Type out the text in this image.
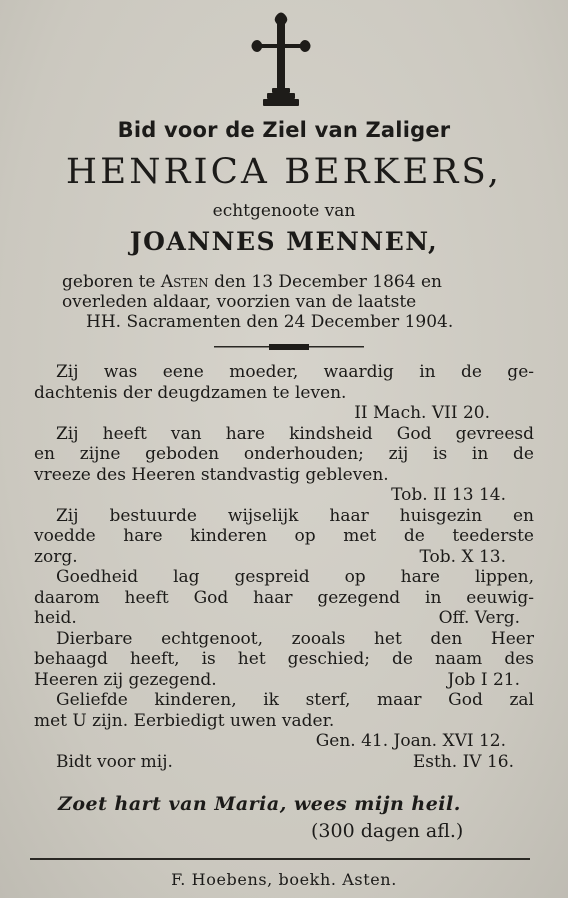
Bid voor de Ziel van Zaliger
HENRICA BERKERS,
echtgenoote van
JOANNES MENNEN,
geboren te Asten den 13 December 1864 en
overleden aldaar, voorzien van de laatste
HH. Sacramenten den 24 December 1904.
Zij was eene moeder, waardig in de ge-
dachtenis der deugdzamen te leven.
II Mach. VII 20.
Zij heeft van hare kindsheid God gevreesd
en zijne geboden onderhouden; zij is in de
vreeze des Heeren standvastig gebleven.
Tob. II 13 14.
Zij bestuurde wijselijk haar huisgezin en
voedde hare kinderen op met de teederste
zorg.	Tob. X 13.
Goedheid lag gespreid op hare lippen,
daarom heeft God haar gezegend in eeuwig-
heid.	Off. Verg.
Dierbare echtgenoot, zooals het den Heer
behaagd heeft, is het geschied; de naam des
Heeren zij gezegend.	Job I 21.
Geliefde kinderen, ik sterf, maar God zal
met U zijn. Eerbiedigt uwen vader.
Gen. 41. Joan. XVI 12.
Bidt voor mij.	Esth. IV 16.
Zoet hart van Maria, wees mijn heil.
(300 dagen afl.)
F. Hoebens, boekh. Asten.
